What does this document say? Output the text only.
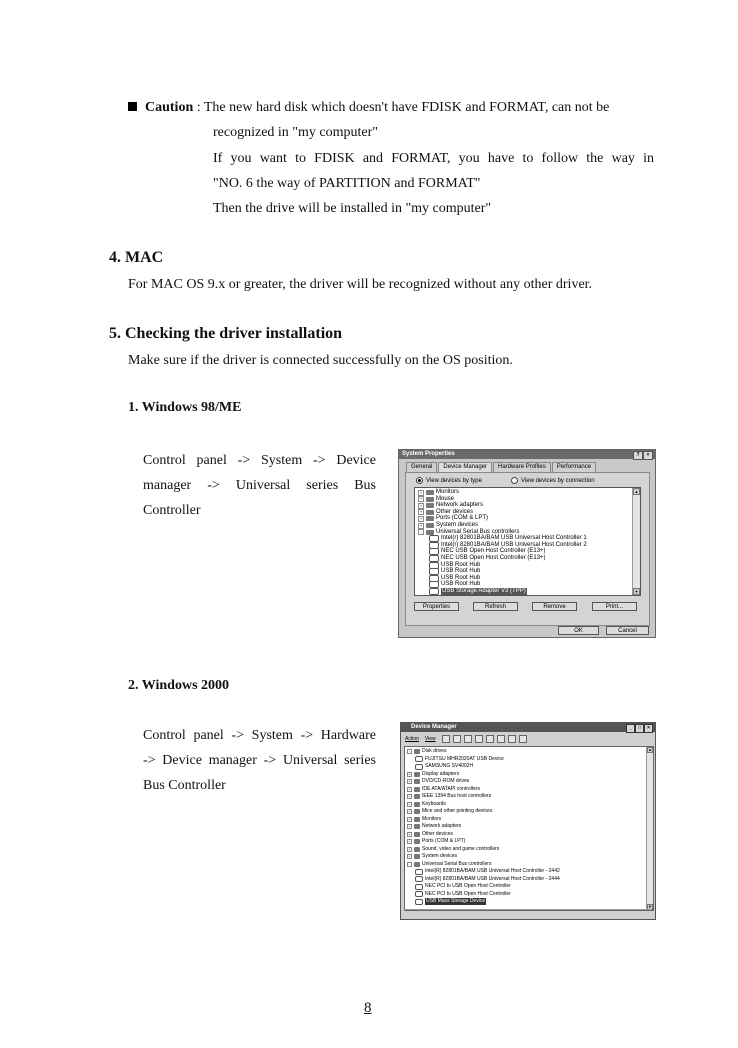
Caution : The new hard disk which doesn't have FDISK and FORMAT, can not be
recognized in "my computer"
If you want to FDISK and FORMAT, you have to follow the way in
"NO. 6 the way of PARTITION and FORMAT"
Then the drive will be installed in "my computer"
4. MAC
For MAC OS 9.x or greater, the driver will be recognized without any other driver.
5. Checking the driver installation
Make sure if the driver is connected successfully on the OS position.
1. Windows 98/ME
Control panel -> System -> Device
manager -> Universal series Bus
Controller
System Properties	?	×
General Device Manager Hardware Profiles Performance
View devices by type	View devices by connection
▲
▼
+	Monitors
+	Mouse
+	Network adapters
+	Other devices
+	Ports (COM & LPT)
+	System devices
-	Universal Serial Bus controllers
Intel(r) 82801BA/BAM USB Universal Host Controller 1
Intel(r) 82801BA/BAM USB Universal Host Controller 2
NEC USB Open Host Controller (E13+)
NEC USB Open Host Controller (E13+)
USB Root Hub
USB Root Hub
USB Root Hub
USB Root Hub
USB Storage Adapter V3 (TPP)
Properties	Refresh	Remove	Print...
OK	Cancel
2. Windows 2000
Control panel -> System -> Hardware
-> Device manager -> Universal series
Bus Controller
Device Manager	_	□	×
Action View
▲
▼
-	Disk drives
FUJITSU MHR2020AT USB Device
SAMSUNG SV4002H
+	Display adapters
+	DVD/CD-ROM drives
+	IDE ATA/ATAPI controllers
+	IEEE 1394 Bus host controllers
+	Keyboards
+	Mice and other pointing devices
+	Monitors
+	Network adapters
+	Other devices
+	Ports (COM & LPT)
+	Sound, video and game controllers
+	System devices
-	Universal Serial Bus controllers
Intel(R) 82801BA/BAM USB Universal Host Controller - 2442
Intel(R) 82801BA/BAM USB Universal Host Controller - 2444
NEC PCI to USB Open Host Controller
NEC PCI to USB Open Host Controller
USB Mass Storage Device
8
